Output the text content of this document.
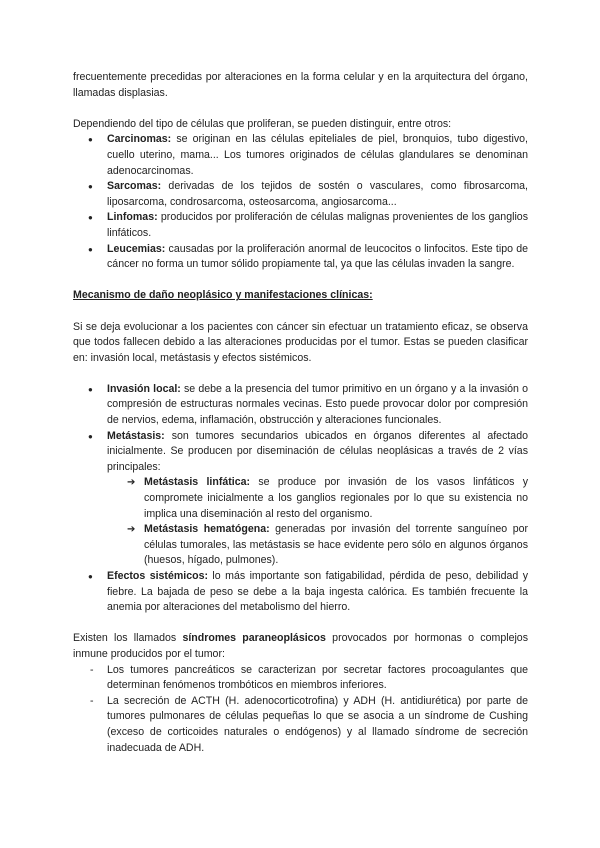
frecuentemente precedidas por alteraciones en la forma celular y en la arquitectura del órgano, llamadas displasias.

Dependiendo del tipo de células que proliferan, se pueden distinguir, entre otros:

● Carcinomas: se originan en las células epiteliales de piel, bronquios, tubo digestivo, cuello uterino, mama... Los tumores originados de células glandulares se denominan adenocarcinomas.
● Sarcomas: derivadas de los tejidos de sostén o vasculares, como fibrosarcoma, liposarcoma, condrosarcoma, osteosarcoma, angiosarcoma...
● Linfomas: producidos por proliferación de células malignas provenientes de los ganglios linfáticos.
● Leucemias: causadas por la proliferación anormal de leucocitos o linfocitos. Este tipo de cáncer no forma un tumor sólido propiamente tal, ya que las células invaden la sangre.

Mecanismo de daño neoplásico y manifestaciones clínicas:

Si se deja evolucionar a los pacientes con cáncer sin efectuar un tratamiento eficaz, se observa que todos fallecen debido a las alteraciones producidas por el tumor. Estas se pueden clasificar en: invasión local, metástasis y efectos sistémicos.

● Invasión local: se debe a la presencia del tumor primitivo en un órgano y a la invasión o compresión de estructuras normales vecinas. Esto puede provocar dolor por compresión de nervios, edema, inflamación, obstrucción y alteraciones funcionales.
● Metástasis: son tumores secundarios ubicados en órganos diferentes al afectado inicialmente. Se producen por diseminación de células neoplásicas a través de 2 vías principales:
➔ Metástasis linfática: se produce por invasión de los vasos linfáticos y compromete inicialmente a los ganglios regionales por lo que su existencia no implica una diseminación al resto del organismo.
➔ Metástasis hematógena: generadas por invasión del torrente sanguíneo por células tumorales, las metástasis se hace evidente pero sólo en algunos órganos (huesos, hígado, pulmones).
● Efectos sistémicos: lo más importante son fatigabilidad, pérdida de peso, debilidad y fiebre. La bajada de peso se debe a la baja ingesta calórica. Es también frecuente la anemia por alteraciones del metabolismo del hierro.

Existen los llamados síndromes paraneoplásicos provocados por hormonas o complejos inmune producidos por el tumor:

- Los tumores pancreáticos se caracterizan por secretar factores procoagulantes que determinan fenómenos trombóticos en miembros inferiores.
- La secreción de ACTH (H. adenocorticotrofina) y ADH (H. antidiurética) por parte de tumores pulmonares de células pequeñas lo que se asocia a un síndrome de Cushing (exceso de corticoides naturales o endógenos) y al llamado síndrome de secreción inadecuada de ADH.
